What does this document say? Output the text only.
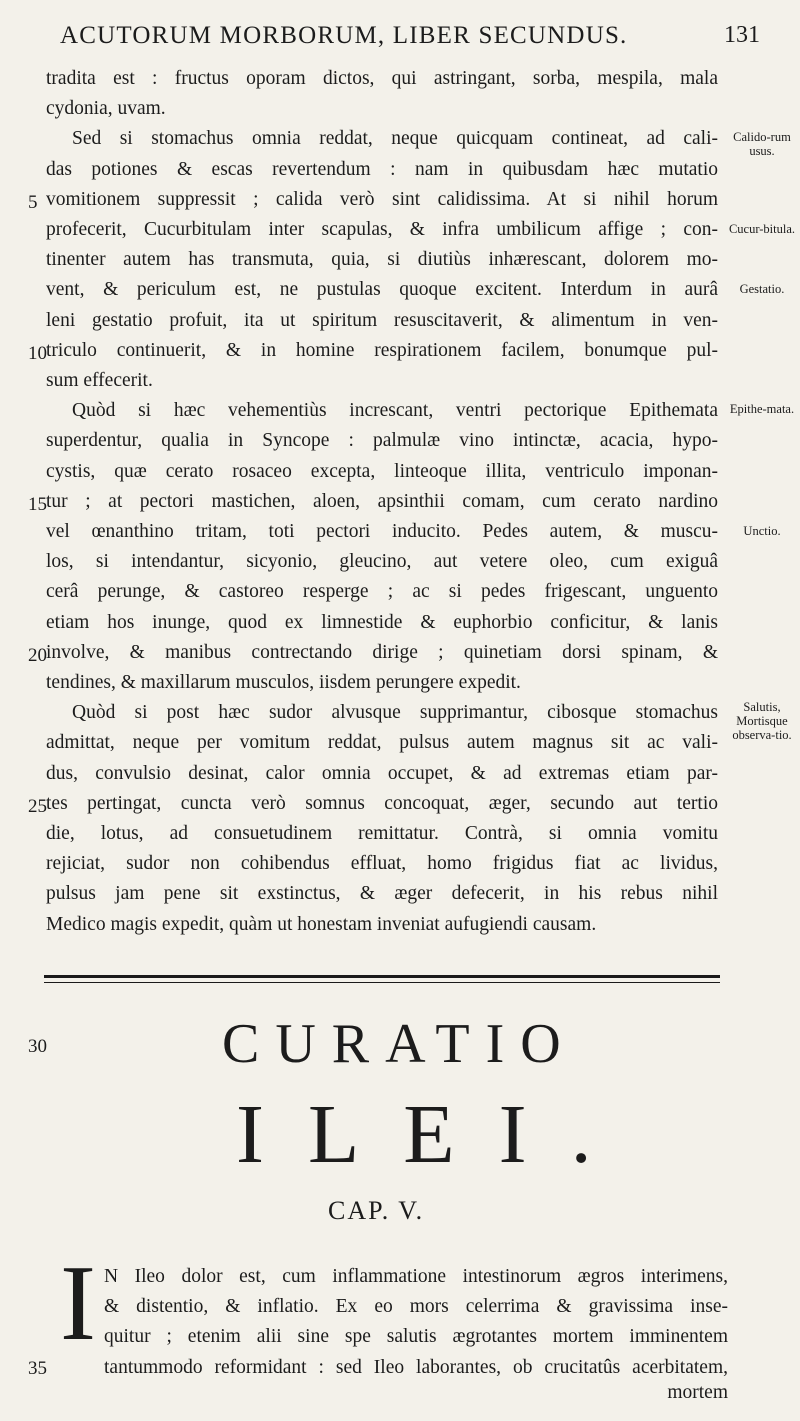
ACUTORUM MORBORUM, LIBER SECUNDUS.	131
tradita est : fructus oporam dictos, qui astringant, sorba, mespila, mala
cydonia, uvam.
Sed si stomachus omnia reddat, neque quicquam contineat, ad cali-
das potiones & escas revertendum : nam in quibusdam hæc mutatio
vomitionem suppressit ; calida verò sint calidissima. At si nihil horum
profecerit, Cucurbitulam inter scapulas, & infra umbilicum affige ; con-
tinenter autem has transmuta, quia, si diutiùs inhærescant, dolorem mo-
vent, & periculum est, ne pustulas quoque excitent. Interdum in aurâ
leni gestatio profuit, ita ut spiritum resuscitaverit, & alimentum in ven-
triculo continuerit, & in homine respirationem facilem, bonumque pul-
sum effecerit.
Quòd si hæc vehementiùs increscant, ventri pectorique Epithemata
superdentur, qualia in Syncope : palmulæ vino intinctæ, acacia, hypo-
cystis, quæ cerato rosaceo excepta, linteoque illita, ventriculo imponan-
tur ; at pectori mastichen, aloen, apsinthii comam, cum cerato nardino
vel œnanthino tritam, toti pectori inducito. Pedes autem, & muscu-
los, si intendantur, sicyonio, gleucino, aut vetere oleo, cum exiguâ
cerâ perunge, & castoreo resperge ; ac si pedes frigescant, unguento
etiam hos inunge, quod ex limnestide & euphorbio conficitur, & lanis
involve, & manibus contrectando dirige ; quinetiam dorsi spinam, &
tendines, & maxillarum musculos, iisdem perungere expedit.
Quòd si post hæc sudor alvusque supprimantur, cibosque stomachus
admittat, neque per vomitum reddat, pulsus autem magnus sit ac vali-
dus, convulsio desinat, calor omnia occupet, & ad extremas etiam par-
tes pertingat, cuncta verò somnus concoquat, æger, secundo aut tertio
die, lotus, ad consuetudinem remittatur. Contrà, si omnia vomitu
rejiciat, sudor non cohibendus effluat, homo frigidus fiat ac lividus,
pulsus jam pene sit exstinctus, & æger defecerit, in his rebus nihil
Medico magis expedit, quàm ut honestam inveniat aufugiendi causam.
5
10
15
20
25
30
35
Calido-rum usus.
Cucur-bitula.
Gestatio.
Epithe-mata.
Unctio.
Salutis, Mortisque observa-tio.
CURATIO
ILEI.
CAP. V.
I N Ileo dolor est, cum inflammatione intestinorum ægros interimens,
& distentio, & inflatio. Ex eo mors celerrima & gravissima inse-
quitur ; etenim alii sine spe salutis ægrotantes mortem imminentem
tantummodo reformidant : sed Ileo laborantes, ob crucitatûs acerbitatem,
mortem
